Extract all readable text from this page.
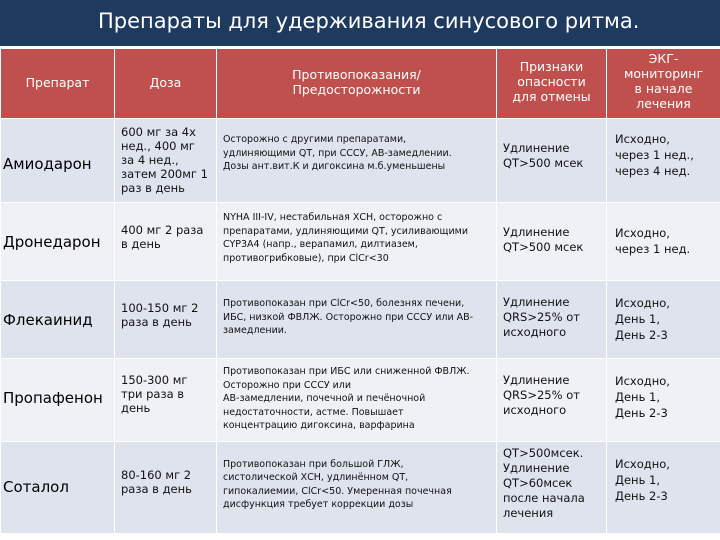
Препараты для удерживания синусового ритма.
Препарат	Доза	Противопоказания/
Предосторожности	Признаки
опасности
для отмены	ЭКГ-
мониторинг
в начале
лечения

Амиодарон	600 мг за 4х
нед., 400 мг
за 4 нед.,
затем 200мг 1
раз в день	Осторожно с другими препаратами,
удлиняющими QT, при СССУ, АВ-замедлении.
Дозы ант.вит.К и дигоксина м.б.уменьшены	Удлинение
QT>500 мсек	Исходно,
через 1 нед.,
через 4 нед.

Дронедарон	400 мг 2 раза
в день	NYHA III-IV, нестабильная ХСН, осторожно с
препаратами, удлиняющими QT, усиливающими
CYP3A4 (напр., верапамил, дилтиазем,
противогрибковые), при ClCr<30	Удлинение
QT>500 мсек	Исходно,
через 1 нед.

Флекаинид	100-150 мг 2
раза в день	Противопоказан при ClCr<50, болезнях печени,
ИБС, низкой ФВЛЖ. Осторожно при СССУ или АВ-
замедлении.	Удлинение
QRS>25% от
исходного	Исходно,
День 1,
День 2-3

Пропафенон	150-300 мг
три раза в
день	Противопоказан при ИБС или сниженной ФВЛЖ.
Осторожно при СССУ или
АВ-замедлении, почечной и печёночной
недостаточности, астме. Повышает
концентрацию дигоксина, варфарина	Удлинение
QRS>25% от
исходного	Исходно,
День 1,
День 2-3

Соталол	80-160 мг 2
раза в день	Противопоказан при большой ГЛЖ,
систолической ХСН, удлинённом QT,
гипокалиемии, ClCr<50. Умеренная почечная
дисфункция требует коррекции дозы	QT>500мсек.
Удлинение
QT>60мсек
после начала
лечения	Исходно,
День 1,
День 2-3
